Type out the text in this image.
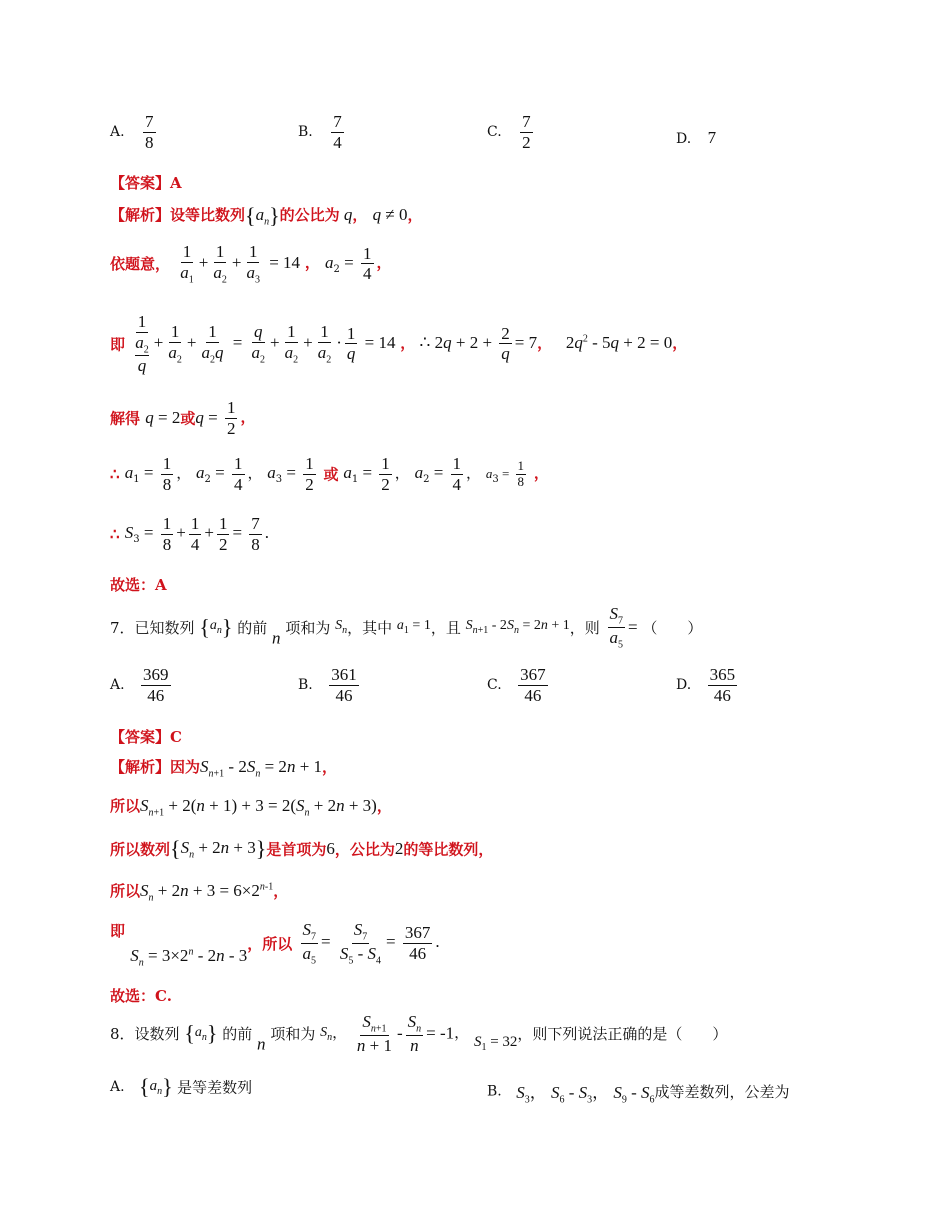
A. $\frac{7}{8}$	B. $\frac{7}{4}$	C. $\frac{7}{2}$	D. 7
【答案】A
【解析】设等比数列$\{a_n\}$的公比为 q， q ≠ 0，
依题意， $\frac{1}{a_1} + \frac{1}{a_2} + \frac{1}{a_3} = 14$ ， $a_2 = \frac{1}{4}$ ，
即 $\frac{1}{\frac{a_2}{q}} + \frac{1}{a_2} + \frac{1}{a_2q} = \frac{q}{a_2} + \frac{1}{a_2} + \frac{1}{a_2} \cdot \frac{1}{q} = 14$ ， ∴ $2q + 2 + \frac{2}{q} = 7$，   $2q^2 - 5q + 2 = 0$，
解得 q = 2或$q = \frac{1}{2}$ ，
∴ $a_1 = \frac{1}{8}$ ， $a_2 = \frac{1}{4}$ ， $a_3 = \frac{1}{2}$ 或 $a_1 = \frac{1}{2}$ ， $a_2 = \frac{1}{4}$ ， $a_3 = \frac{1}{8}$ ，
∴ $S_3 = \frac{1}{8} + \frac{1}{4} + \frac{1}{2} = \frac{7}{8}$ .
故选：A
7．已知数列 $\{a_n\}$ 的前 n 项和为 $S_n$，其中 $a_1 = 1$，且 $S_{n+1} - 2S_n = 2n + 1$，则 $\frac{S_7}{a_5}$ = （　　）
A. $\frac{369}{46}$	B. $\frac{361}{46}$	C. $\frac{367}{46}$	D. $\frac{365}{46}$
【答案】C
【解析】因为$S_{n+1} - 2S_n = 2n + 1$，
所以$S_{n+1} + 2(n + 1) + 3 = 2(S_n + 2n + 3)$，
所以数列$\{S_n + 2n + 3\}$是首项为6，公比为2的等比数列，
所以$S_n + 2n + 3 = 6\times 2^{n-1}$，
即 $S_n = 3\times 2^n - 2n - 3$，所以 $\frac{S_7}{a_5} = \frac{S_7}{S_5 - S_4} = \frac{367}{46}$ .
故选：C.
8．设数列 $\{a_n\}$ 的前 n 项和为 $S_n$， $\frac{S_{n+1}}{n + 1} - \frac{S_n}{n} = -1$， $S_1 = 32$，则下列说法正确的是（　　）
A. $\{a_n\}$ 是等差数列	B. $S_3$， $S_6 - S_3$， $S_9 - S_6$成等差数列，公差为
